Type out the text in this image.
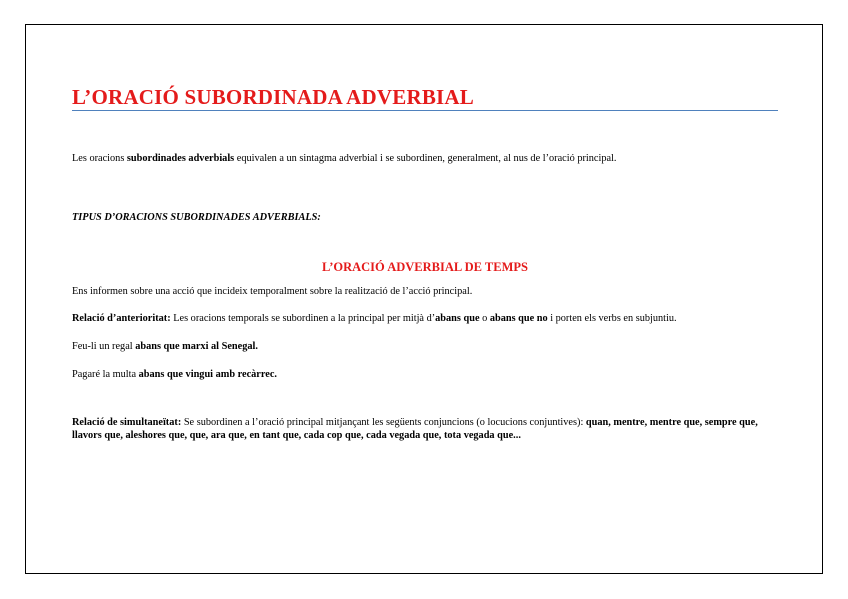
L’ORACIÓ SUBORDINADA ADVERBIAL

Les oracions subordinades adverbials equivalen a un sintagma adverbial i se subordinen, generalment, al nus de l’oració principal.

TIPUS D’ORACIONS SUBORDINADES ADVERBIALS:

L’ORACIÓ ADVERBIAL DE TEMPS

Ens informen sobre una acció que incideix temporalment sobre la realització de l’acció principal.

Relació d’anterioritat: Les oracions temporals se subordinen a la principal per mitjà d’abans que o abans que no i porten els verbs en subjuntiu.

Feu-li un regal abans que marxi al Senegal.

Pagaré la multa abans que vingui amb recàrrec.

Relació de simultaneïtat: Se subordinen a l’oració principal mitjançant les següents conjuncions (o locucions conjuntives): quan, mentre, mentre que, sempre que, llavors que, aleshores que, que, ara que, en tant que, cada cop que, cada vegada que, tota vegada que...
